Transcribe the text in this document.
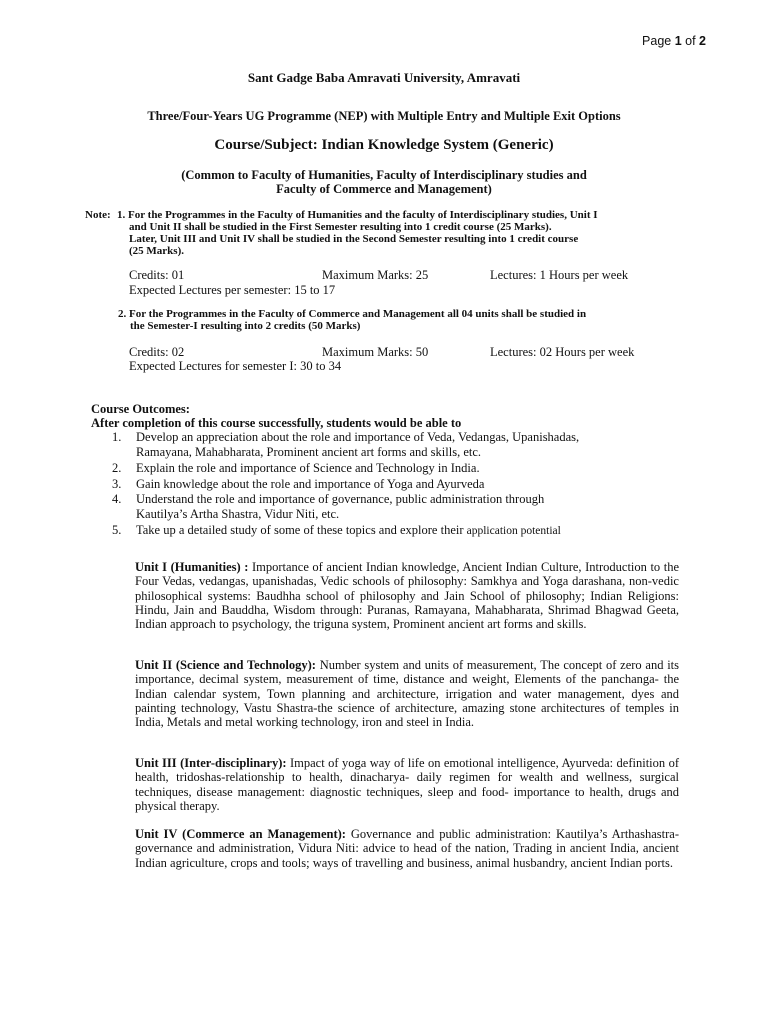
Page 1 of 2
Sant Gadge Baba Amravati University, Amravati
Three/Four-Years UG Programme (NEP) with Multiple Entry and Multiple Exit Options
Course/Subject: Indian Knowledge System (Generic)
(Common to Faculty of Humanities, Faculty of Interdisciplinary studies and
Faculty of Commerce and Management)
Note: 1. For the Programmes in the Faculty of Humanities and the faculty of Interdisciplinary studies, Unit I
and Unit II shall be studied in the First Semester resulting into 1 credit course (25 Marks).
Later, Unit III and Unit IV shall be studied in the Second Semester resulting into 1 credit course
(25 Marks).
Credits: 01	Maximum Marks: 25	Lectures: 1 Hours per week
Expected Lectures per semester: 15 to 17
2. For the Programmes in the Faculty of Commerce and Management all 04 units shall be studied in
the Semester-I resulting into 2 credits (50 Marks)
Credits: 02	Maximum Marks: 50	Lectures: 02 Hours per week
Expected Lectures for semester I: 30 to 34
Course Outcomes:
After completion of this course successfully, students would be able to
1. Develop an appreciation about the role and importance of Veda, Vedangas, Upanishadas,
Ramayana, Mahabharata, Prominent ancient art forms and skills, etc.
2. Explain the role and importance of Science and Technology in India.
3. Gain knowledge about the role and importance of Yoga and Ayurveda
4. Understand the role and importance of governance, public administration through
Kautilya’s Artha Shastra, Vidur Niti, etc.
5. Take up a detailed study of some of these topics and explore their application potential
Unit I (Humanities) : Importance of ancient Indian knowledge, Ancient Indian Culture, Introduction to the Four Vedas, vedangas, upanishadas, Vedic schools of philosophy: Samkhya and Yoga darashana, non-vedic philosophical systems: Baudhha school of philosophy and Jain School of philosophy; Indian Religions: Hindu, Jain and Bauddha, Wisdom through: Puranas, Ramayana, Mahabharata, Shrimad Bhagwad Geeta, Indian approach to psychology, the triguna system, Prominent ancient art forms and skills.
Unit II (Science and Technology): Number system and units of measurement, The concept of zero and its importance, decimal system, measurement of time, distance and weight, Elements of the panchanga- the Indian calendar system, Town planning and architecture, irrigation and water management, dyes and painting technology, Vastu Shastra-the science of architecture, amazing stone architectures of temples in India, Metals and metal working technology, iron and steel in India.
Unit III (Inter-disciplinary): Impact of yoga way of life on emotional intelligence, Ayurveda: definition of health, tridoshas-relationship to health, dinacharya- daily regimen for wealth and wellness, surgical techniques, disease management: diagnostic techniques, sleep and food- importance to health, drugs and physical therapy.
Unit IV (Commerce an Management): Governance and public administration: Kautilya’s Arthashastra-governance and administration, Vidura Niti: advice to head of the nation, Trading in ancient India, ancient Indian agriculture, crops and tools; ways of travelling and business, animal husbandry, ancient Indian ports.
